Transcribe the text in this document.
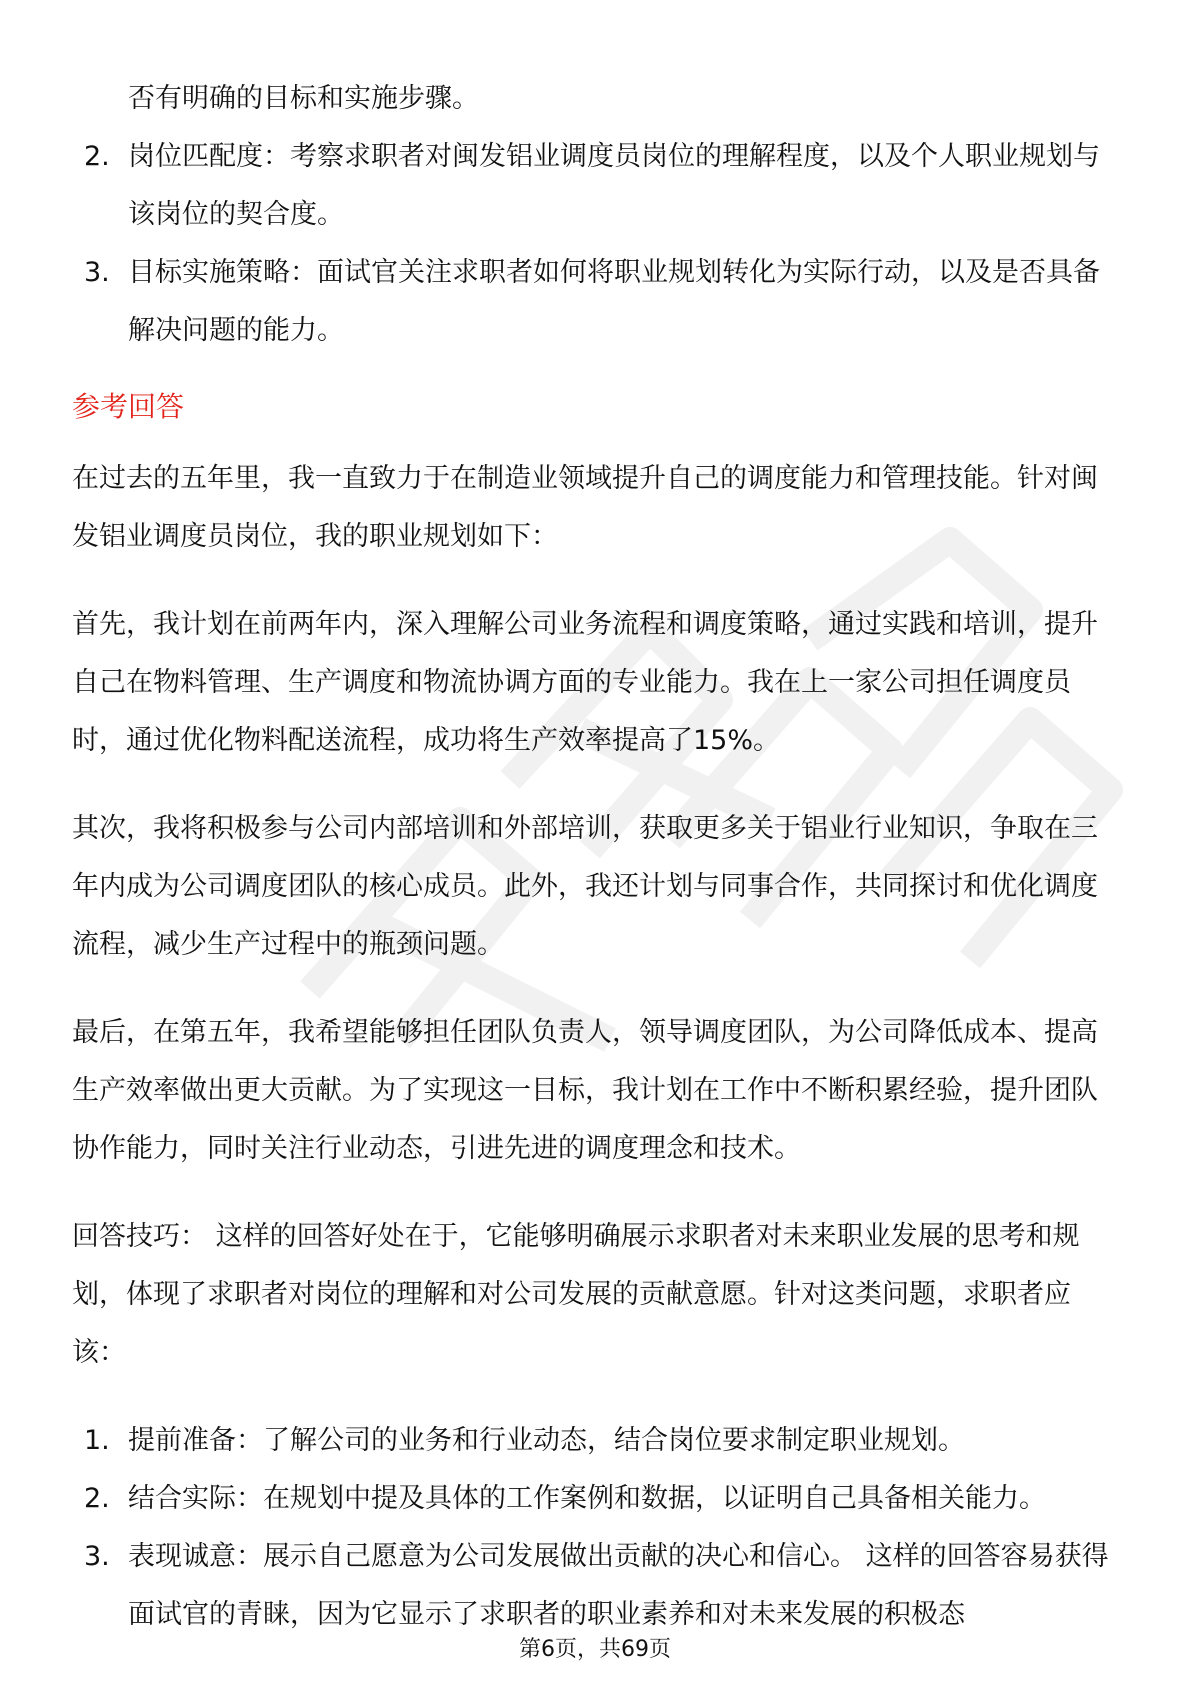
否有明确的目标和实施步骤。
2. 岗位匹配度：考察求职者对闽发铝业调度员岗位的理解程度，以及个人职业规划与该岗位的契合度。
3. 目标实施策略：面试官关注求职者如何将职业规划转化为实际行动，以及是否具备解决问题的能力。
参考回答

在过去的五年里，我一直致力于在制造业领域提升自己的调度能力和管理技能。针对闽发铝业调度员岗位，我的职业规划如下：

首先，我计划在前两年内，深入理解公司业务流程和调度策略，通过实践和培训，提升自己在物料管理、生产调度和物流协调方面的专业能力。我在上一家公司担任调度员时，通过优化物料配送流程，成功将生产效率提高了15%。

其次，我将积极参与公司内部培训和外部培训，获取更多关于铝业行业知识，争取在三年内成为公司调度团队的核心成员。此外，我还计划与同事合作，共同探讨和优化调度流程，减少生产过程中的瓶颈问题。

最后，在第五年，我希望能够担任团队负责人，领导调度团队，为公司降低成本、提高生产效率做出更大贡献。为了实现这一目标，我计划在工作中不断积累经验，提升团队协作能力，同时关注行业动态，引进先进的调度理念和技术。

回答技巧： 这样的回答好处在于，它能够明确展示求职者对未来职业发展的思考和规划，体现了求职者对岗位的理解和对公司发展的贡献意愿。针对这类问题，求职者应该：

1. 提前准备：了解公司的业务和行业动态，结合岗位要求制定职业规划。
2. 结合实际：在规划中提及具体的工作案例和数据，以证明自己具备相关能力。
3. 表现诚意：展示自己愿意为公司发展做出贡献的决心和信心。 这样的回答容易获得面试官的青睐，因为它显示了求职者的职业素养和对未来发展的积极态
第6页，共69页
